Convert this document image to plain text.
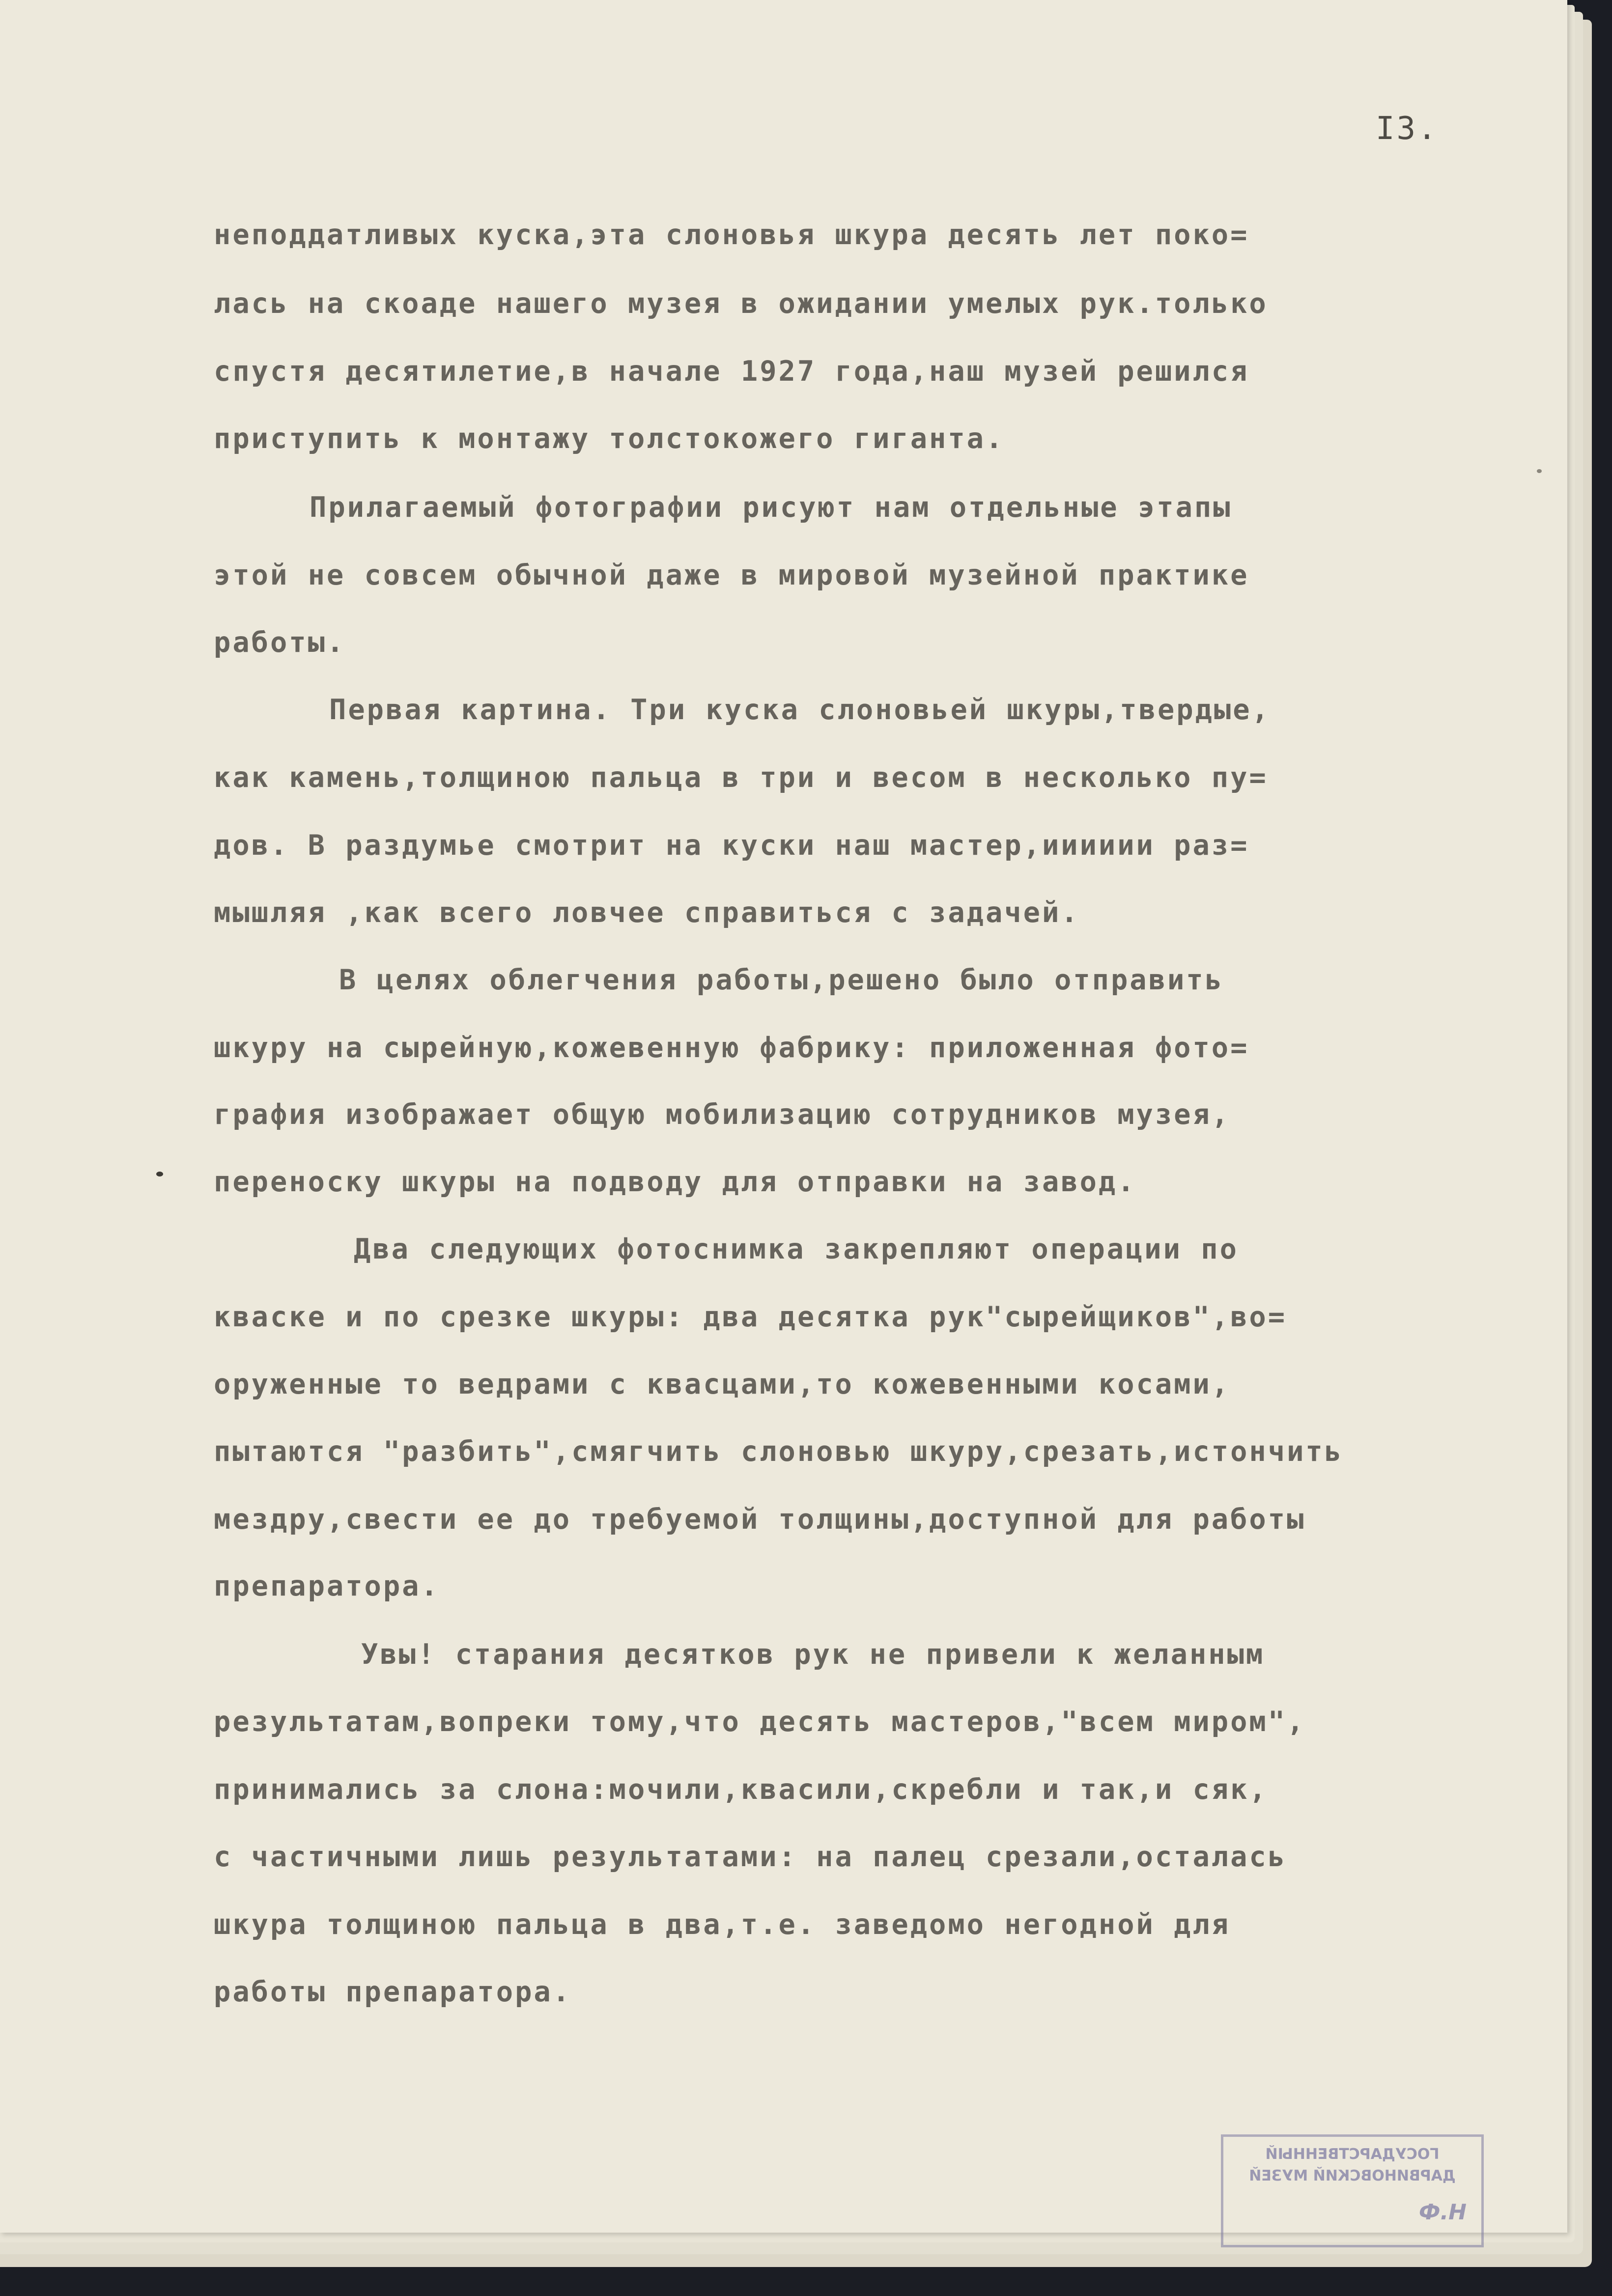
I3.
неподдатливых куска,эта слоновья шкура десять лет поко=
лась на скоаде нашего музея в ожидании умелых рук.только
спустя десятилетие,в начале 1927 года,наш музей решился
приступить к монтажу толстокожего гиганта.
Прилагаемый фотографии рисуют нам отдельные этапы
этой не совсем обычной даже в мировой музейной практике
работы.
Первая картина. Три куска слоновьей шкуры,твердые,
как камень,толщиною пальца в три и весом в несколько пу=
дов. В раздумье смотрит на куски наш мастер,ииииии раз=
мышляя ,как всего ловчее справиться с задачей.
В целях облегчения работы,решено было отправить
шкуру на сырейную,кожевенную фабрику: приложенная фото=
графия изображает общую мобилизацию сотрудников музея,
переноску шкуры на подводу для отправки на завод.
Два следующих фотоснимка закрепляют операции по
кваске и по срезке шкуры: два десятка рук"сырейщиков",во=
оруженные то ведрами с квасцами,то кожевенными косами,
пытаются "разбить",смягчить слоновью шкуру,срезать,истончить
мездру,свести ее до требуемой толщины,доступной для работы
препаратора.
Увы! старания десятков рук не привели к желанным
результатам,вопреки тому,что десять мастеров,"всем миром",
принимались за слона:мочили,квасили,скребли и так,и сяк,
с частичными лишь результатами: на палец срезали,осталась
шкура толщиною пальца в два,т.е. заведомо негодной для
работы препаратора.
ГОСУДАРСТВЕННЫЙ
ДАРВИНОВСКИЙ МУЗЕЙ
Ф.Н
